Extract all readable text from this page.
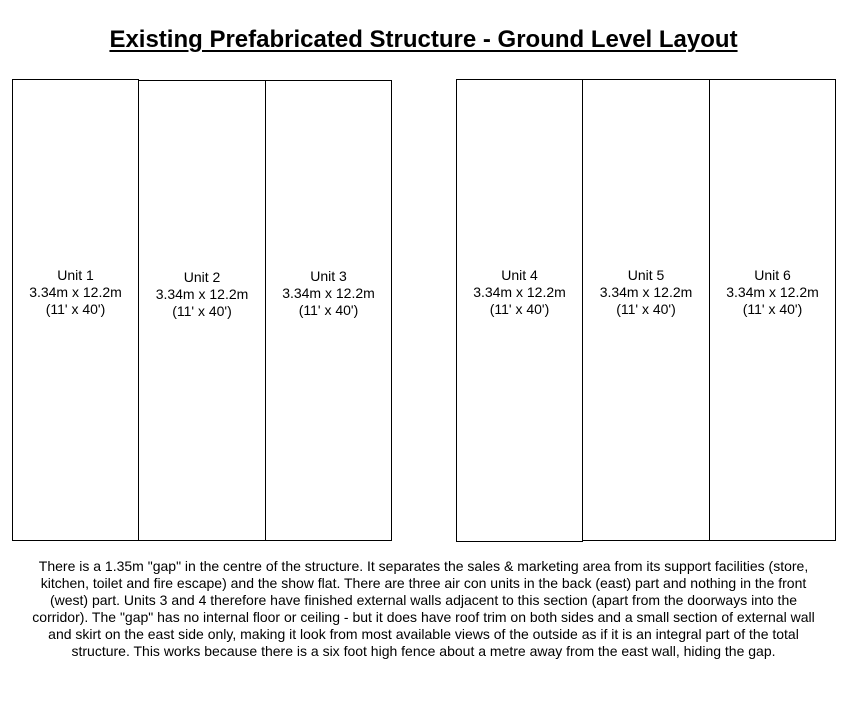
Existing Prefabricated Structure - Ground Level Layout
Unit 1
3.34m x 12.2m
(11' x 40')
Unit 2
3.34m x 12.2m
(11' x 40')
Unit 3
3.34m x 12.2m
(11' x 40')
Unit 4
3.34m x 12.2m
(11' x 40')
Unit 5
3.34m x 12.2m
(11' x 40')
Unit 6
3.34m x 12.2m
(11' x 40')
There is a 1.35m "gap" in the centre of the structure. It separates the sales & marketing area from its support facilities (store, kitchen, toilet and fire escape) and the show flat. There are three air con units in the back (east) part and nothing in the front (west) part. Units 3 and 4 therefore have finished external walls adjacent to this section (apart from the doorways into the corridor). The "gap" has no internal floor or ceiling - but it does have roof trim on both sides and a small section of external wall and skirt on the east side only, making it look from most available views of the outside as if it is an integral part of the total structure. This works because there is a six foot high fence about a metre away from the east wall, hiding the gap.
